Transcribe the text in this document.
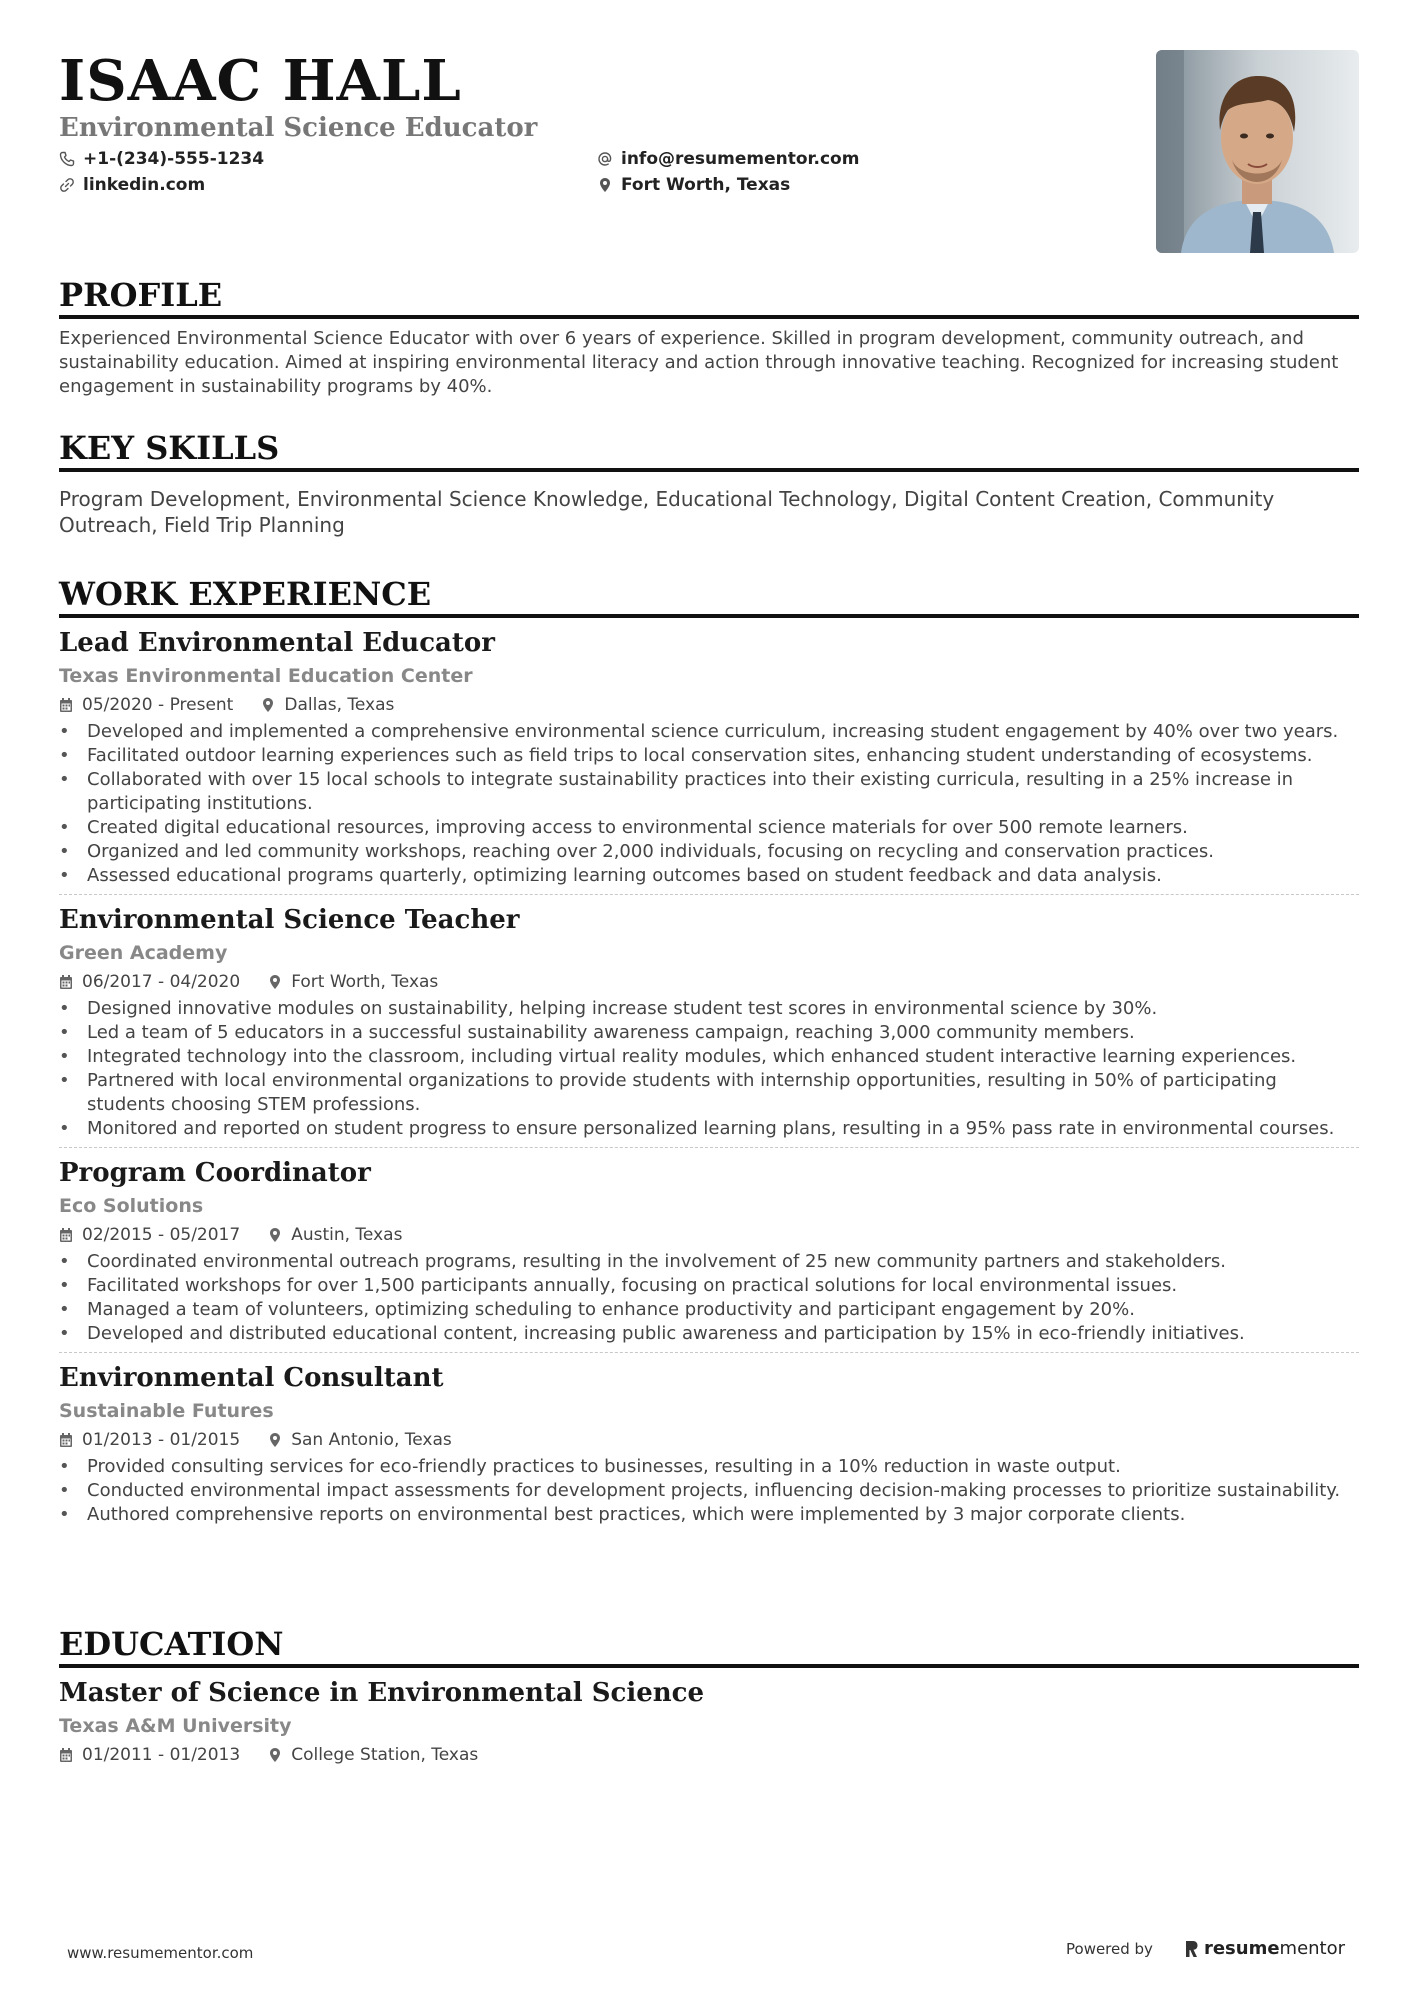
ISAAC HALL
Environmental Science Educator
+1-(234)-555-1234
linkedin.com
info@resumementor.com
Fort Worth, Texas
PROFILE

Experienced Environmental Science Educator with over 6 years of experience. Skilled in program development, community outreach, and sustainability education. Aimed at inspiring environmental literacy and action through innovative teaching. Recognized for increasing student engagement in sustainability programs by 40%.

KEY SKILLS

Program Development, Environmental Science Knowledge, Educational Technology, Digital Content Creation, Community Outreach, Field Trip Planning

WORK EXPERIENCE
Lead Environmental Educator
Texas Environmental Education Center
05/2020 - Present	Dallas, Texas
• Developed and implemented a comprehensive environmental science curriculum, increasing student engagement by 40% over two years.
• Facilitated outdoor learning experiences such as field trips to local conservation sites, enhancing student understanding of ecosystems.
• Collaborated with over 15 local schools to integrate sustainability practices into their existing curricula, resulting in a 25% increase in participating institutions.
• Created digital educational resources, improving access to environmental science materials for over 500 remote learners.
• Organized and led community workshops, reaching over 2,000 individuals, focusing on recycling and conservation practices.
• Assessed educational programs quarterly, optimizing learning outcomes based on student feedback and data analysis.
Environmental Science Teacher
Green Academy
06/2017 - 04/2020	Fort Worth, Texas
• Designed innovative modules on sustainability, helping increase student test scores in environmental science by 30%.
• Led a team of 5 educators in a successful sustainability awareness campaign, reaching 3,000 community members.
• Integrated technology into the classroom, including virtual reality modules, which enhanced student interactive learning experiences.
• Partnered with local environmental organizations to provide students with internship opportunities, resulting in 50% of participating students choosing STEM professions.
• Monitored and reported on student progress to ensure personalized learning plans, resulting in a 95% pass rate in environmental courses.
Program Coordinator
Eco Solutions
02/2015 - 05/2017	Austin, Texas
• Coordinated environmental outreach programs, resulting in the involvement of 25 new community partners and stakeholders.
• Facilitated workshops for over 1,500 participants annually, focusing on practical solutions for local environmental issues.
• Managed a team of volunteers, optimizing scheduling to enhance productivity and participant engagement by 20%.
• Developed and distributed educational content, increasing public awareness and participation by 15% in eco-friendly initiatives.
Environmental Consultant
Sustainable Futures
01/2013 - 01/2015	San Antonio, Texas
• Provided consulting services for eco-friendly practices to businesses, resulting in a 10% reduction in waste output.
• Conducted environmental impact assessments for development projects, influencing decision-making processes to prioritize sustainability.
• Authored comprehensive reports on environmental best practices, which were implemented by 3 major corporate clients.
EDUCATION
Master of Science in Environmental Science
Texas A&M University
01/2011 - 01/2013	College Station, Texas
www.resumementor.com	Powered by	resumementor
